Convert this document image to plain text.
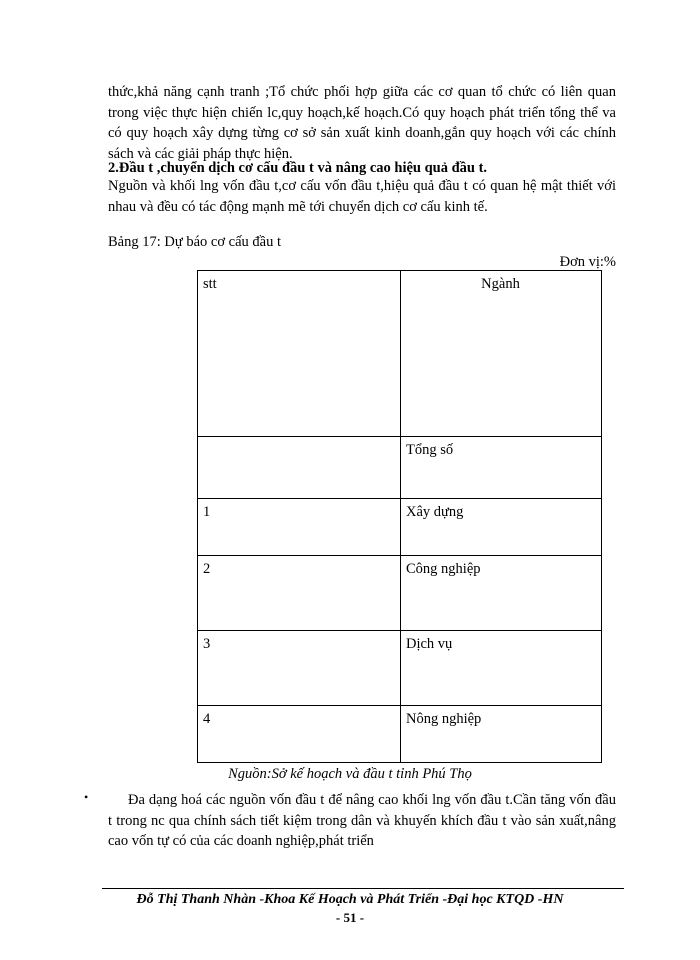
thức,khả năng cạnh tranh ;Tổ chức phối hợp giữa các cơ quan tổ chức có liên quan trong việc thực hiện chiến lc,quy hoạch,kế hoạch.Có quy hoạch phát triển tổng thể va có quy hoạch xây dựng từng cơ sở sản xuất kinh doanh,gắn quy hoạch với các chính sách và các giải pháp thực hiện.
2.Đầu t ,chuyển dịch cơ cấu đầu t và nâng cao hiệu quả đầu t.
Nguồn và khối lng vốn đầu t,cơ cấu vốn đầu t,hiệu quả đầu t có quan hệ mật thiết với nhau và đều có tác động mạnh mẽ tới chuyển dịch cơ cấu kinh tế.
Bảng 17: Dự báo cơ cấu đầu t
Đơn vị:%
stt	Ngành
	Tổng số
1	Xây dựng
2	Công nghiệp
3	Dịch vụ
4	Nông nghiệp
Nguồn:Sở kế hoạch và đầu t tỉnh Phú Thọ
•	Đa dạng hoá các nguồn vốn đầu t để nâng cao khối lng vốn đầu t.Cần tăng vốn đầu t trong nc qua chính sách tiết kiệm trong dân và khuyến khích đầu t vào sản xuất,nâng cao vốn tự có của các doanh nghiệp,phát triển
Đỗ Thị Thanh Nhàn -Khoa Kế Hoạch và Phát Triển -Đại học KTQD -HN
- 51 -
